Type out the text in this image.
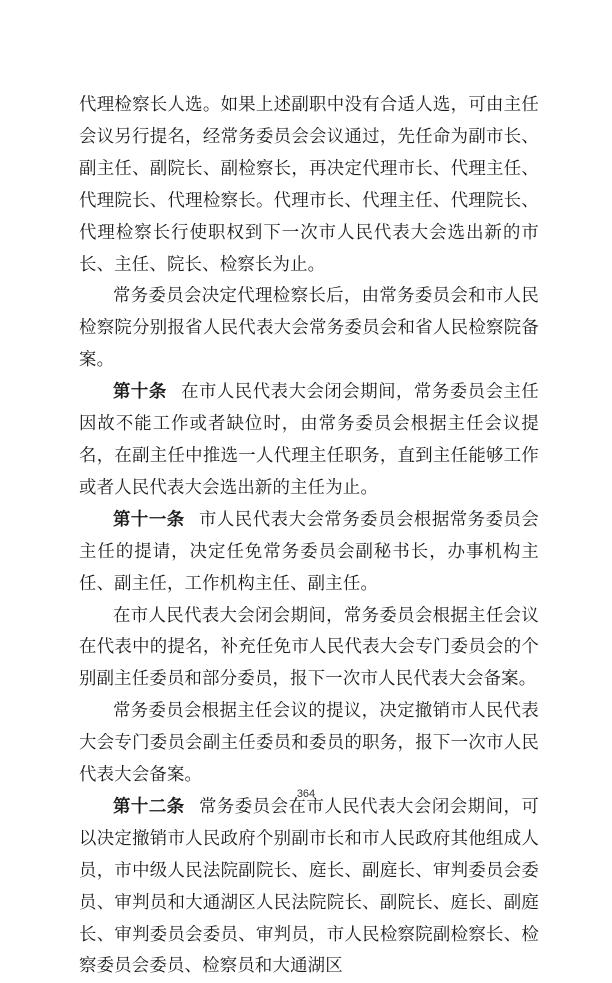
代理检察长人选。如果上述副职中没有合适人选，可由主任会议另行提名，经常务委员会会议通过，先任命为副市长、副主任、副院长、副检察长，再决定代理市长、代理主任、代理院长、代理检察长。代理市长、代理主任、代理院长、代理检察长行使职权到下一次市人民代表大会选出新的市长、主任、院长、检察长为止。

常务委员会决定代理检察长后，由常务委员会和市人民检察院分别报省人民代表大会常务委员会和省人民检察院备案。

第十条 在市人民代表大会闭会期间，常务委员会主任因故不能工作或者缺位时，由常务委员会根据主任会议提名，在副主任中推选一人代理主任职务，直到主任能够工作或者人民代表大会选出新的主任为止。

第十一条 市人民代表大会常务委员会根据常务委员会主任的提请，决定任免常务委员会副秘书长，办事机构主任、副主任，工作机构主任、副主任。

在市人民代表大会闭会期间，常务委员会根据主任会议在代表中的提名，补充任免市人民代表大会专门委员会的个别副主任委员和部分委员，报下一次市人民代表大会备案。

常务委员会根据主任会议的提议，决定撤销市人民代表大会专门委员会副主任委员和委员的职务，报下一次市人民代表大会备案。

第十二条 常务委员会在市人民代表大会闭会期间，可以决定撤销市人民政府个别副市长和市人民政府其他组成人员，市中级人民法院副院长、庭长、副庭长、审判委员会委员、审判员和大通湖区人民法院院长、副院长、庭长、副庭长、审判委员会委员、审判员，市人民检察院副检察长、检察委员会委员、检察员和大通湖区

364
